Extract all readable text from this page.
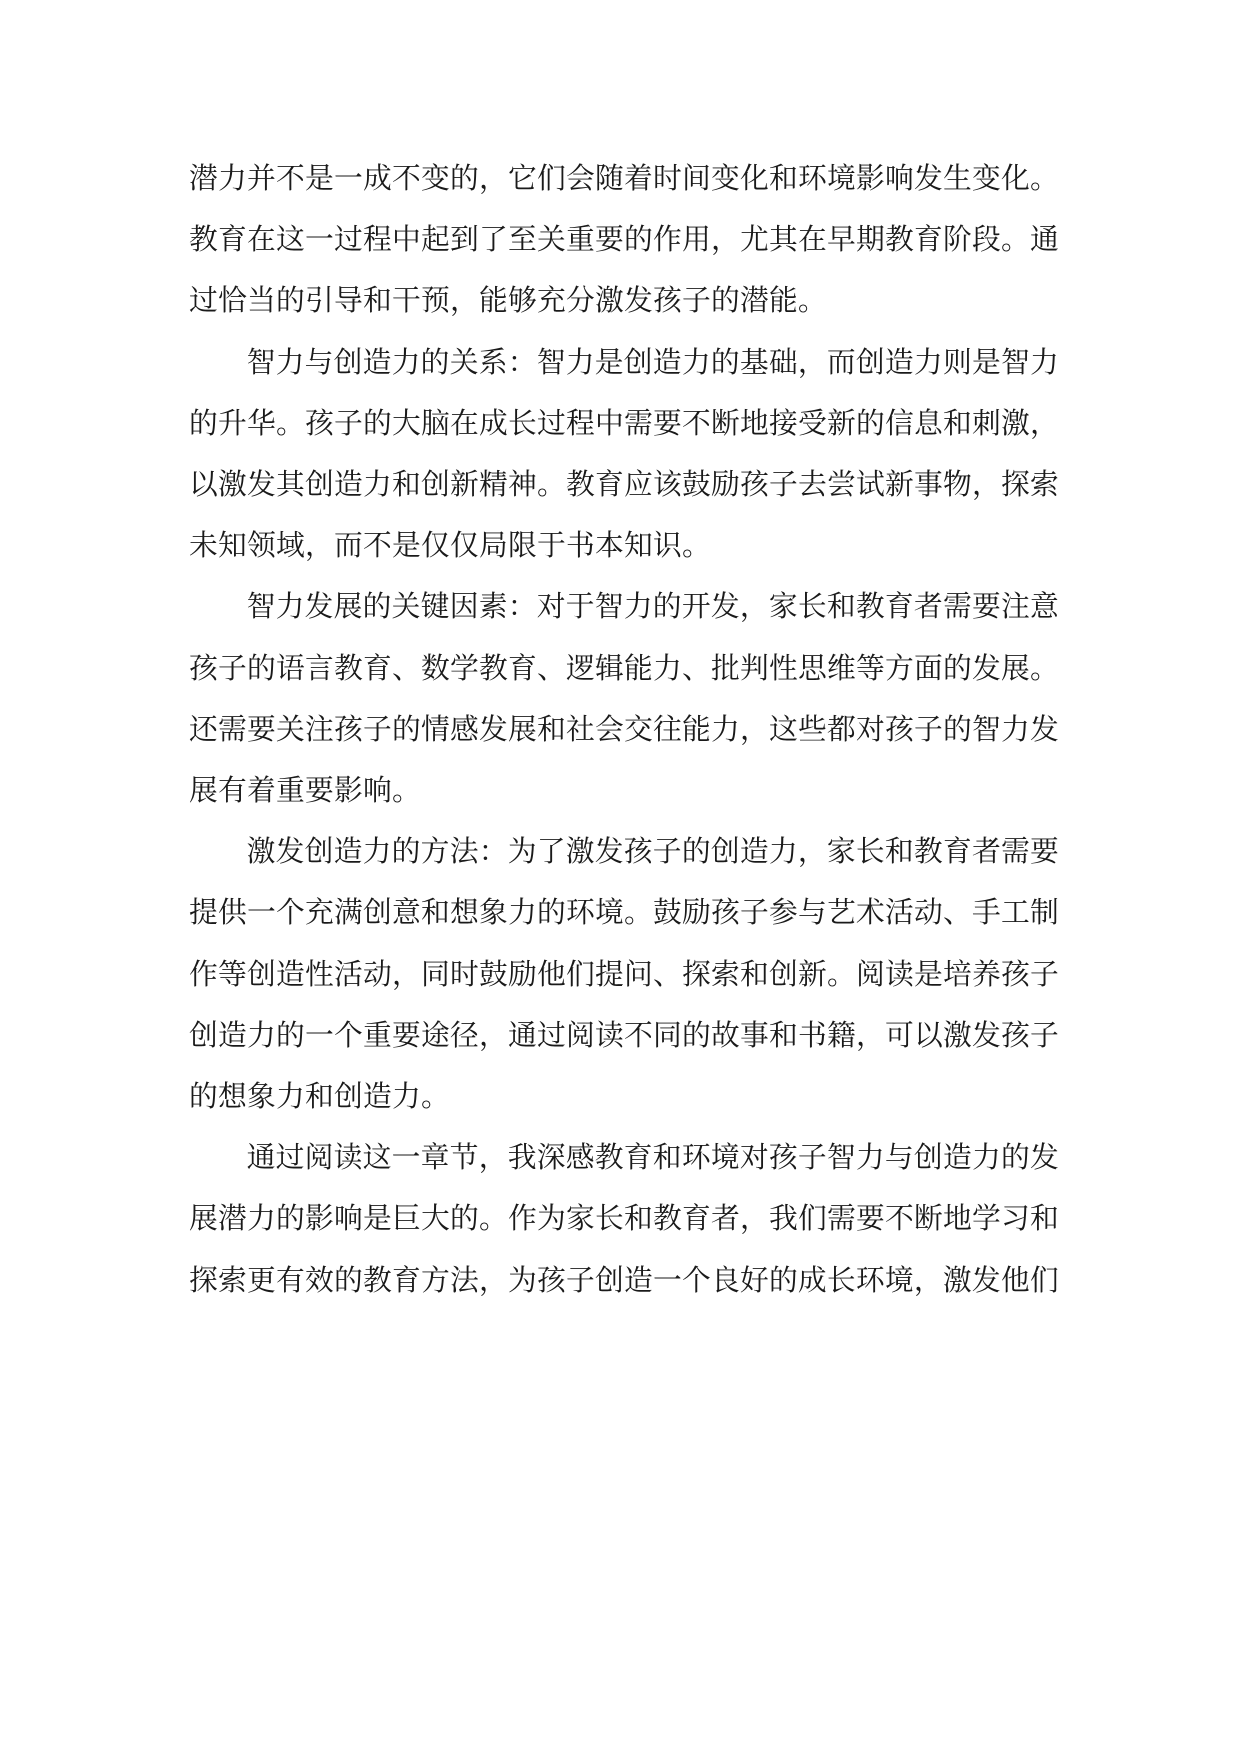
潜力并不是一成不变的，它们会随着时间变化和环境影响发生变化。教育在这一过程中起到了至关重要的作用，尤其在早期教育阶段。通过恰当的引导和干预，能够充分激发孩子的潜能。

智力与创造力的关系：智力是创造力的基础，而创造力则是智力的升华。孩子的大脑在成长过程中需要不断地接受新的信息和刺激，以激发其创造力和创新精神。教育应该鼓励孩子去尝试新事物，探索未知领域，而不是仅仅局限于书本知识。

智力发展的关键因素：对于智力的开发，家长和教育者需要注意孩子的语言教育、数学教育、逻辑能力、批判性思维等方面的发展。还需要关注孩子的情感发展和社会交往能力，这些都对孩子的智力发展有着重要影响。

激发创造力的方法：为了激发孩子的创造力，家长和教育者需要提供一个充满创意和想象力的环境。鼓励孩子参与艺术活动、手工制作等创造性活动，同时鼓励他们提问、探索和创新。阅读是培养孩子创造力的一个重要途径，通过阅读不同的故事和书籍，可以激发孩子的想象力和创造力。

通过阅读这一章节，我深感教育和环境对孩子智力与创造力的发展潜力的影响是巨大的。作为家长和教育者，我们需要不断地学习和探索更有效的教育方法，为孩子创造一个良好的成长环境，激发他们
